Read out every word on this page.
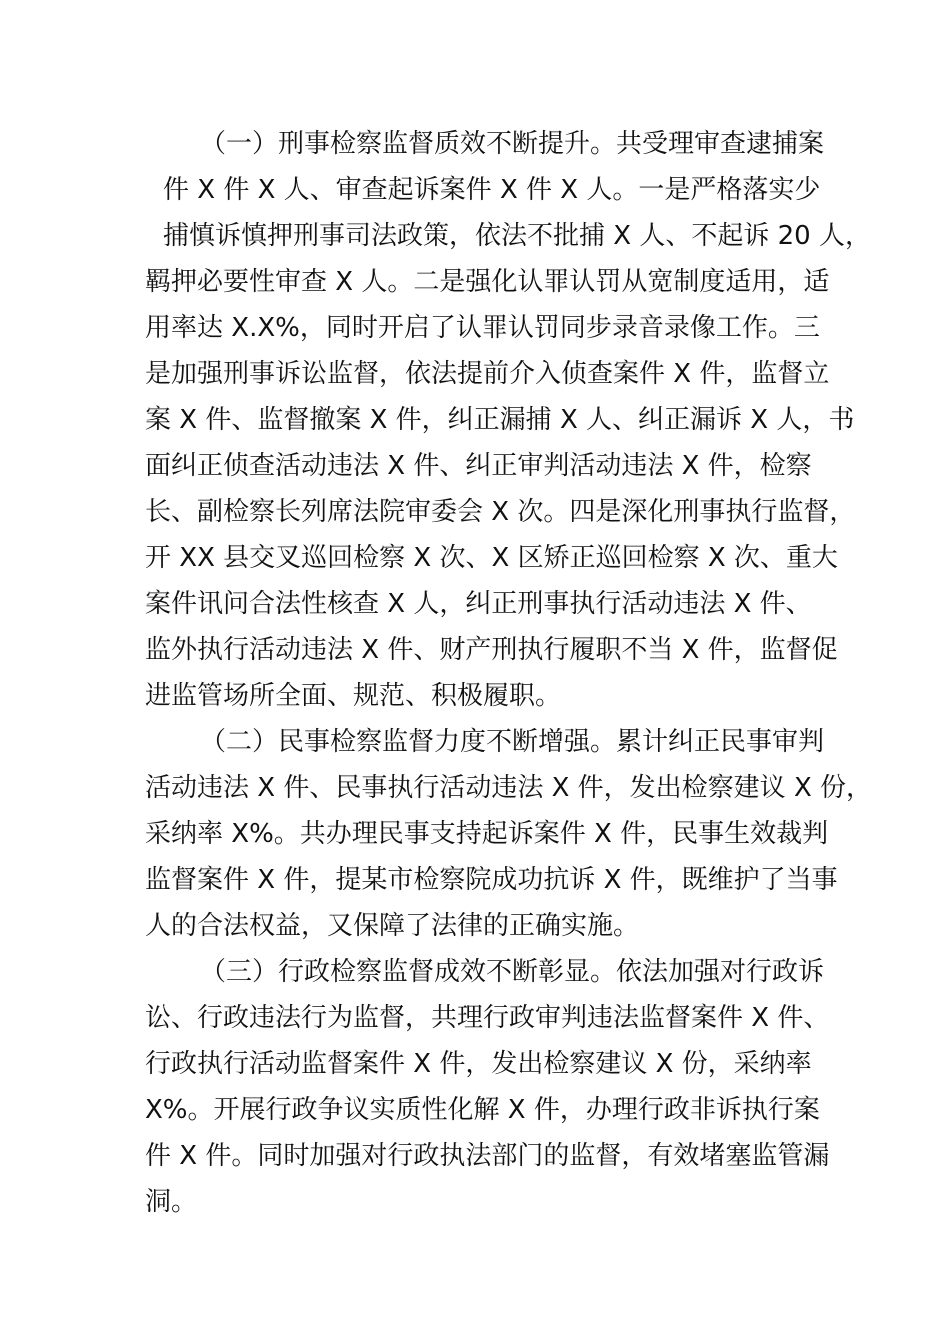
（一）刑事检察监督质效不断提升。共受理审查逮捕案
件 X 件 X 人、审查起诉案件 X 件 X 人。一是严格落实少
捕慎诉慎押刑事司法政策，依法不批捕 X 人、不起诉 20 人，
羁押必要性审查 X 人。二是强化认罪认罚从宽制度适用，适
用率达 X.X%，同时开启了认罪认罚同步录音录像工作。三
是加强刑事诉讼监督，依法提前介入侦查案件 X 件，监督立
案 X 件、监督撤案 X 件，纠正漏捕 X 人、纠正漏诉 X 人，书
面纠正侦查活动违法 X 件、纠正审判活动违法 X 件，检察
长、副检察长列席法院审委会 X 次。四是深化刑事执行监督，
开 XX 县交叉巡回检察 X 次、X 区矫正巡回检察 X 次、重大
案件讯问合法性核查 X 人，纠正刑事执行活动违法 X 件、
监外执行活动违法 X 件、财产刑执行履职不当 X 件，监督促
进监管场所全面、规范、积极履职。
（二）民事检察监督力度不断增强。累计纠正民事审判
活动违法 X 件、民事执行活动违法 X 件，发出检察建议 X 份，
采纳率 X%。共办理民事支持起诉案件 X 件，民事生效裁判
监督案件 X 件，提某市检察院成功抗诉 X 件，既维护了当事
人的合法权益，又保障了法律的正确实施。
（三）行政检察监督成效不断彰显。依法加强对行政诉
讼、行政违法行为监督，共理行政审判违法监督案件 X 件、
行政执行活动监督案件 X 件，发出检察建议 X 份，采纳率
X%。开展行政争议实质性化解 X 件，办理行政非诉执行案
件 X 件。同时加强对行政执法部门的监督，有效堵塞监管漏
洞。
